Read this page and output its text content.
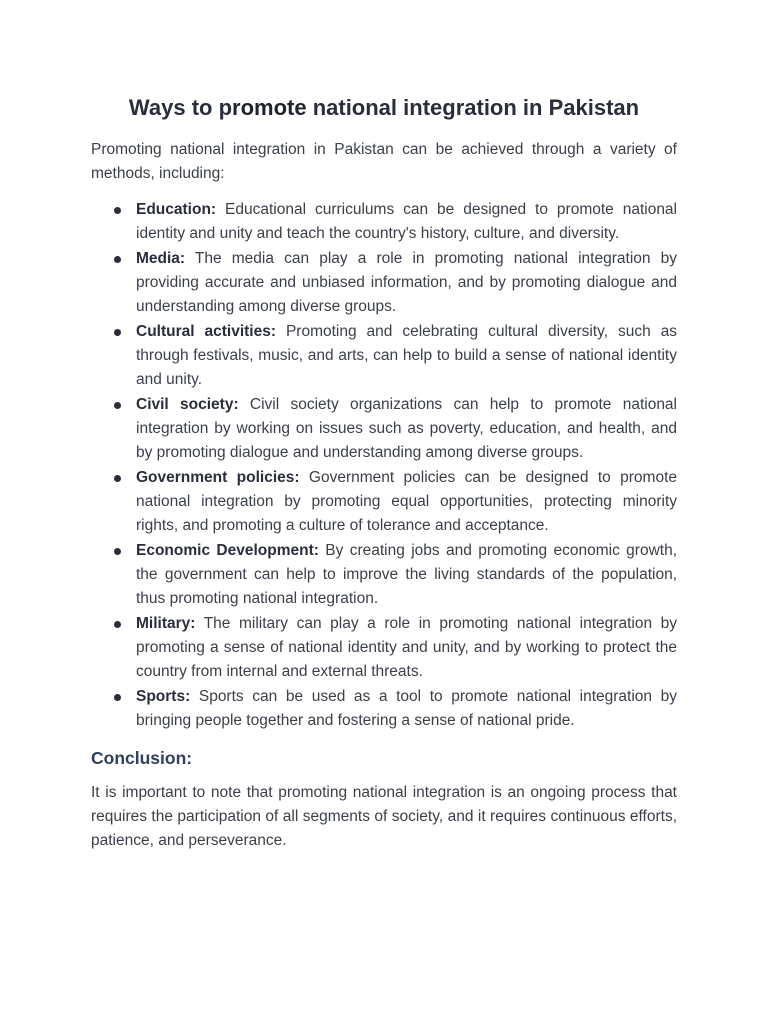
Ways to promote national integration in Pakistan

Promoting national integration in Pakistan can be achieved through a variety of methods, including:

Education: Educational curriculums can be designed to promote national identity and unity and teach the country's history, culture, and diversity.
Media: The media can play a role in promoting national integration by providing accurate and unbiased information, and by promoting dialogue and understanding among diverse groups.
Cultural activities: Promoting and celebrating cultural diversity, such as through festivals, music, and arts, can help to build a sense of national identity and unity.
Civil society: Civil society organizations can help to promote national integration by working on issues such as poverty, education, and health, and by promoting dialogue and understanding among diverse groups.
Government policies: Government policies can be designed to promote national integration by promoting equal opportunities, protecting minority rights, and promoting a culture of tolerance and acceptance.
Economic Development: By creating jobs and promoting economic growth, the government can help to improve the living standards of the population, thus promoting national integration.
Military: The military can play a role in promoting national integration by promoting a sense of national identity and unity, and by working to protect the country from internal and external threats.
Sports: Sports can be used as a tool to promote national integration by bringing people together and fostering a sense of national pride.
Conclusion:

It is important to note that promoting national integration is an ongoing process that requires the participation of all segments of society, and it requires continuous efforts, patience, and perseverance.
